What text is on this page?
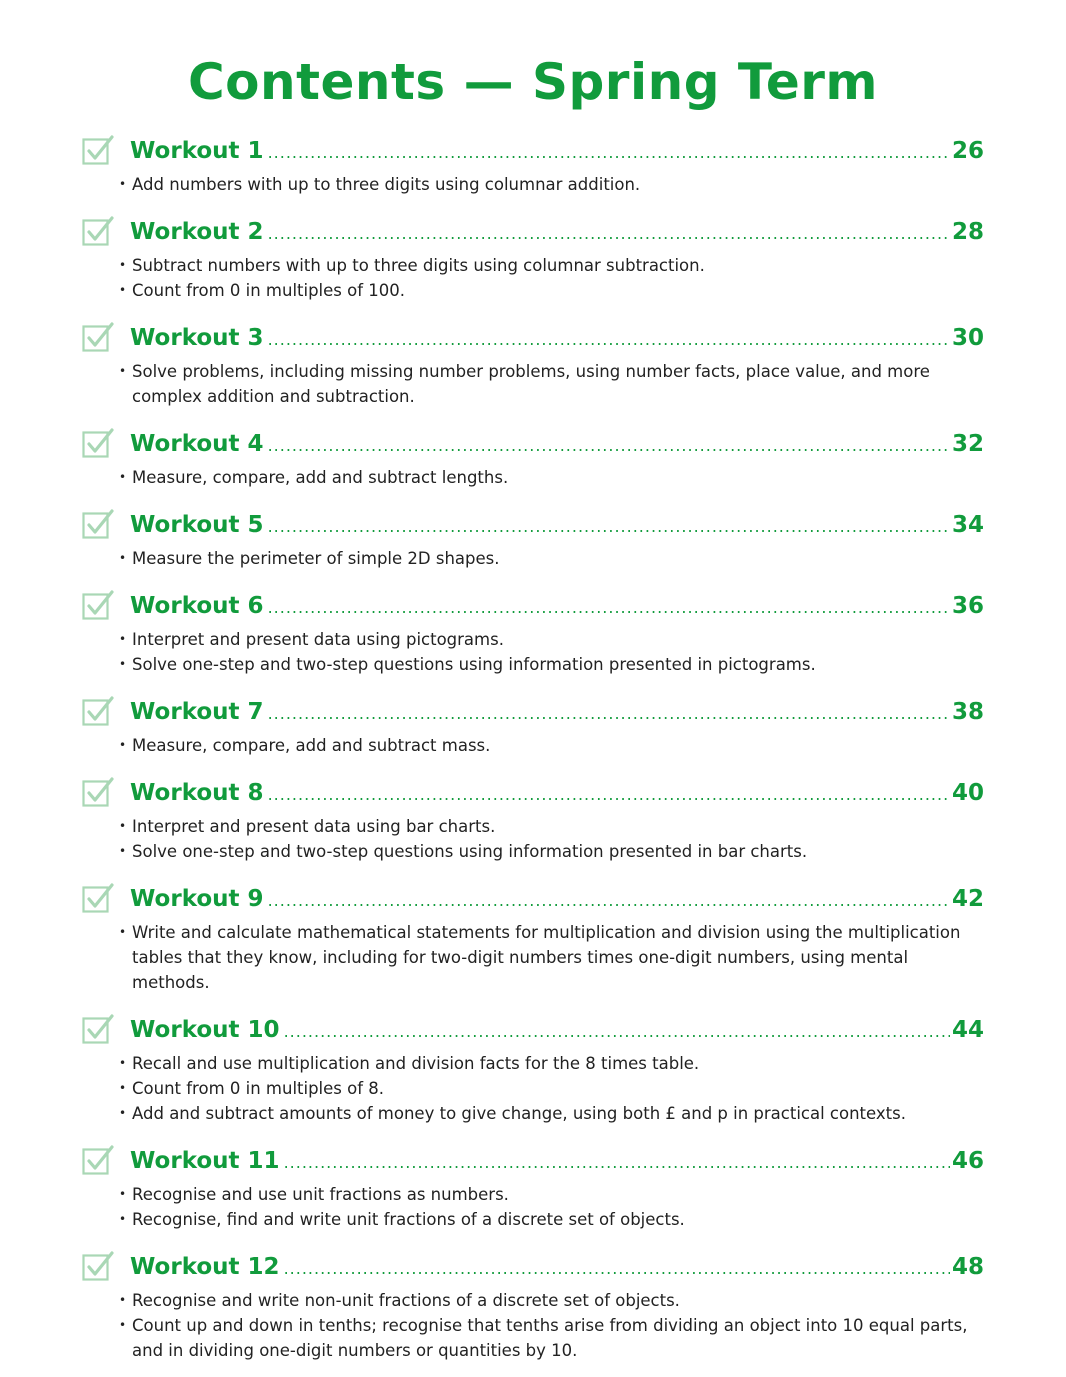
Contents — Spring Term
Workout 1 .....	26
• Add numbers with up to three digits using columnar addition.
Workout 2 .....	28
• Subtract numbers with up to three digits using columnar subtraction.
• Count from 0 in multiples of 100.
Workout 3 .....	30
• Solve problems, including missing number problems, using number facts, place value, and more complex addition and subtraction.
Workout 4 .....	32
• Measure, compare, add and subtract lengths.
Workout 5 .....	34
• Measure the perimeter of simple 2D shapes.
Workout 6 .....	36
• Interpret and present data using pictograms.
• Solve one-step and two-step questions using information presented in pictograms.
Workout 7 .....	38
• Measure, compare, add and subtract mass.
Workout 8 .....	40
• Interpret and present data using bar charts.
• Solve one-step and two-step questions using information presented in bar charts.
Workout 9 .....	42
• Write and calculate mathematical statements for multiplication and division using the multiplication tables that they know, including for two-digit numbers times one-digit numbers, using mental methods.
Workout 10 .....	44
• Recall and use multiplication and division facts for the 8 times table.
• Count from 0 in multiples of 8.
• Add and subtract amounts of money to give change, using both £ and p in practical contexts.
Workout 11 .....	46
• Recognise and use unit fractions as numbers.
• Recognise, find and write unit fractions of a discrete set of objects.
Workout 12 .....	48
• Recognise and write non-unit fractions of a discrete set of objects.
• Count up and down in tenths; recognise that tenths arise from dividing an object into 10 equal parts, and in dividing one-digit numbers or quantities by 10.
